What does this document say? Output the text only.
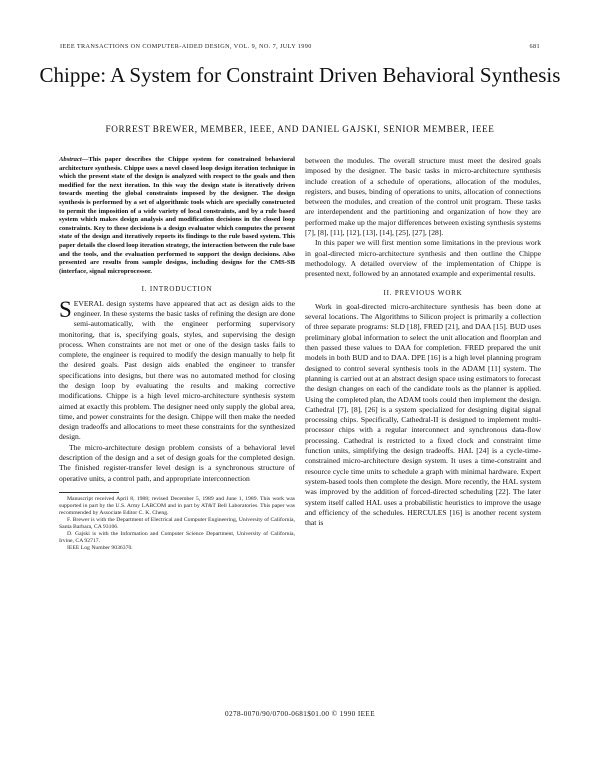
IEEE TRANSACTIONS ON COMPUTER-AIDED DESIGN, VOL. 9, NO. 7, JULY 1990	681
Chippe: A System for Constraint Driven Behavioral Synthesis
FORREST BREWER, MEMBER, IEEE, AND DANIEL GAJSKI, SENIOR MEMBER, IEEE

Abstract—This paper describes the Chippe system for constrained behavioral architecture synthesis. Chippe uses a novel closed loop design iteration technique in which the present state of the design is analyzed with respect to the goals and then modified for the next iteration. In this way the design state is iteratively driven towards meeting the global constraints imposed by the designer. The design synthesis is performed by a set of algorithmic tools which are specially constructed to permit the imposition of a wide variety of local constraints, and by a rule based system which makes design analysis and modification decisions in the closed loop constraints. Key to these decisions is a design evaluator which computes the present state of the design and iteratively reports its findings to the rule based system. This paper details the closed loop iteration strategy, the interaction between the rule base and the tools, and the evaluation performed to support the design decisions. Also presented are results from sample designs, including designs for the CMS-SB (interface, signal microprocessor.

I. INTRODUCTION

SEVERAL design systems have appeared that act as design aids to the engineer. In these systems the basic tasks of refining the design are done semi-automatically, with the engineer performing supervisory monitoring, that is, specifying goals, styles, and supervising the design process. When constraints are not met or one of the design tasks fails to complete, the engineer is required to modify the design manually to help fit the desired goals. Past design aids enabled the engineer to transfer specifications into designs, but there was no automated method for closing the design loop by evaluating the results and making corrective modifications. Chippe is a high level micro-architecture synthesis system aimed at exactly this problem. The designer need only supply the global area, time, and power constraints for the design. Chippe will then make the needed design tradeoffs and allocations to meet these constraints for the synthesized design.

The micro-architecture design problem consists of a behavioral level description of the design and a set of design goals for the completed design. The finished register-transfer level design is a synchronous structure of operative units, a control path, and appropriate interconnection

Manuscript received April 8, 1988; revised December 5, 1989 and June 1, 1989. This work was supported in part by the U.S. Army LABCOM and in part by AT&T Bell Laboratories. This paper was recommended by Associate Editor C. K. Cheng.

F. Brewer is with the Department of Electrical and Computer Engineering, University of California, Santa Barbara, CA 93106.

D. Gajski is with the Information and Computer Science Department, University of California, Irvine, CA 92717.

IEEE Log Number 9036370.

between the modules. The overall structure must meet the desired goals imposed by the designer. The basic tasks in micro-architecture synthesis include creation of a schedule of operations, allocation of the modules, registers, and buses, binding of operations to units, allocation of connections between the modules, and creation of the control unit program. These tasks are interdependent and the partitioning and organization of how they are performed make up the major differences between existing synthesis systems [7], [8], [11], [12], [13], [14], [25], [27], [28].

In this paper we will first mention some limitations in the previous work in goal-directed micro-architecture synthesis and then outline the Chippe methodology. A detailed overview of the implementation of Chippe is presented next, followed by an annotated example and experimental results.

II. PREVIOUS WORK

Work in goal-directed micro-architecture synthesis has been done at several locations. The Algorithms to Silicon project is primarily a collection of three separate programs: SLD [18], FRED [21], and DAA [15]. BUD uses preliminary global information to select the unit allocation and floorplan and then passed these values to DAA for completion. FRED prepared the unit models in both BUD and to DAA. DPE [16] is a high level planning program designed to control several synthesis tools in the ADAM [11] system. The planning is carried out at an abstract design space using estimators to forecast the design changes on each of the candidate tools as the planner is applied. Using the completed plan, the ADAM tools could then implement the design. Cathedral [7], [8], [26] is a system specialized for designing digital signal processing chips. Specifically, Cathedral-II is designed to implement multi-processor chips with a regular interconnect and synchronous data-flow processing. Cathedral is restricted to a fixed clock and constraint time function units, simplifying the design tradeoffs. HAL [24] is a cycle-time-constrained micro-architecture design system. It uses a time-constraint and resource cycle time units to schedule a graph with minimal hardware. Expert system-based tools then complete the design. More recently, the HAL system was improved by the addition of forced-directed scheduling [22]. The later system itself called HAL uses a probabilistic heuristics to improve the usage and efficiency of the schedules. HERCULES [16] is another recent system that is

0278-0070/90/0700-0681$01.00 © 1990 IEEE
